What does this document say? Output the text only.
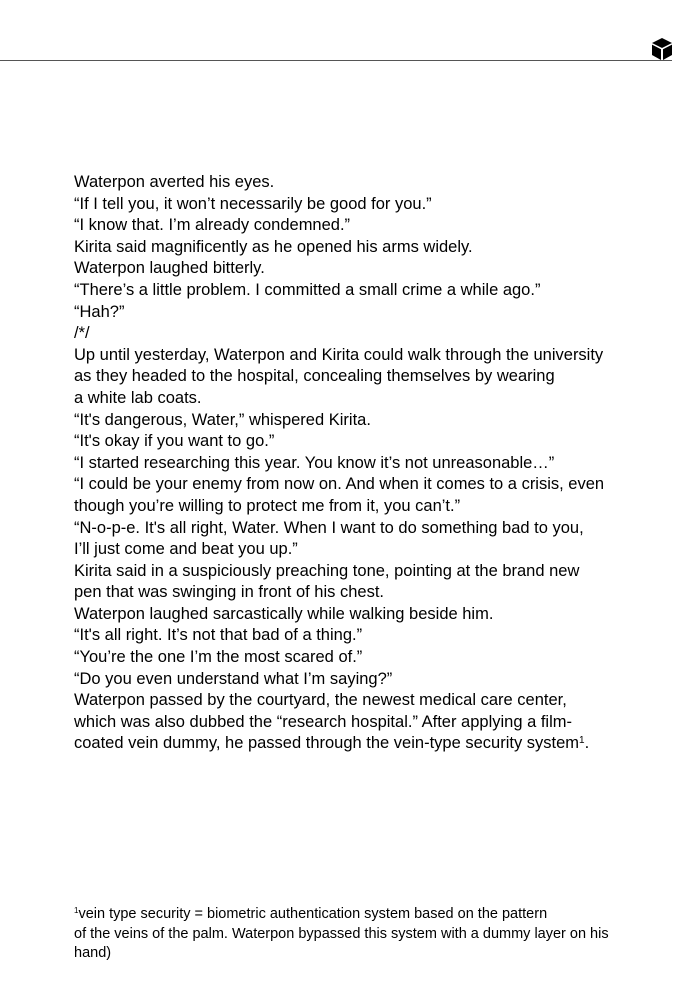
Waterpon averted his eyes.
“If I tell you, it won’t necessarily be good for you.”
“I know that. I’m already condemned.”
Kirita said magnificently as he opened his arms widely.
Waterpon laughed bitterly.
“There’s a little problem. I committed a small crime a while ago.”
“Hah?”
/*/
Up until yesterday, Waterpon and Kirita could walk through the university
as they headed to the hospital, concealing themselves by wearing
a white lab coats.
“It's dangerous, Water,” whispered Kirita.
“It's okay if you want to go.”
“I started researching this year. You know it’s not unreasonable…”
“I could be your enemy from now on. And when it comes to a crisis, even
though you’re willing to protect me from it, you can’t.”
“N-o-p-e. It's all right, Water. When I want to do something bad to you,
I’ll just come and beat you up.”
Kirita said in a suspiciously preaching tone, pointing at the brand new
pen that was swinging in front of his chest.
Waterpon laughed sarcastically while walking beside him.
“It's all right. It’s not that bad of a thing.”
“You’re the one I’m the most scared of.”
“Do you even understand what I’m saying?”
Waterpon passed by the courtyard, the newest medical care center,
which was also dubbed the “research hospital.” After applying a film-
coated vein dummy, he passed through the vein-type security system$^1$.
$^1$vein type security = biometric authentication system based on the pattern
of the veins of the palm. Waterpon bypassed this system with a dummy layer on his
hand)
